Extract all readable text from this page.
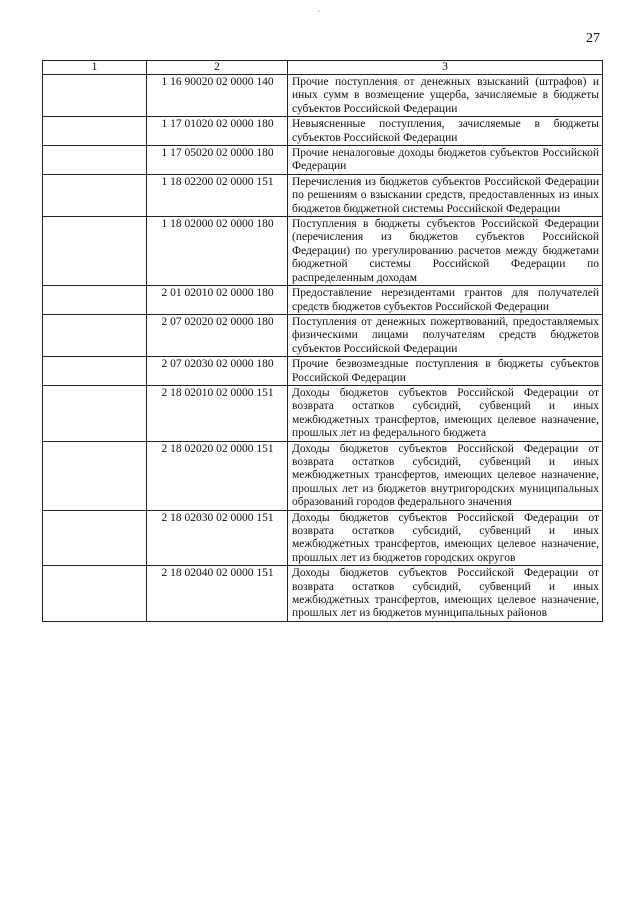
.
27
1	2	3
	1 16 90020 02 0000 140	Прочие поступления от денежных взысканий (штрафов) и иных сумм в возмещение ущерба, зачисляемые в бюджеты субъектов Российской Федерации
	1 17 01020 02 0000 180	Невыясненные поступления, зачисляемые в бюджеты субъектов Российской Федерации
	1 17 05020 02 0000 180	Прочие неналоговые доходы бюджетов субъектов Российской Федерации
	1 18 02200 02 0000 151	Перечисления из бюджетов субъектов Российской Федерации по решениям о взыскании средств, предоставленных из иных бюджетов бюджетной системы Российской Федерации
	1 18 02000 02 0000 180	Поступления в бюджеты субъектов Российской Федерации (перечисления из бюджетов субъектов Российской Федерации) по урегулированию расчетов между бюджетами бюджетной системы Российской Федерации по распределенным доходам
	2 01 02010 02 0000 180	Предоставление нерезидентами грантов для получателей средств бюджетов субъектов Российской Федерации
	2 07 02020 02 0000 180	Поступления от денежных пожертвований, предоставляемых физическими лицами получателям средств бюджетов субъектов Российской Федерации
	2 07 02030 02 0000 180	Прочие безвозмездные поступления в бюджеты субъектов Российской Федерации
	2 18 02010 02 0000 151	Доходы бюджетов субъектов Российской Федерации от возврата остатков субсидий, субвенций и иных межбюджетных трансфертов, имеющих целевое назначение, прошлых лет из федерального бюджета
	2 18 02020 02 0000 151	Доходы бюджетов субъектов Российской Федерации от возврата остатков субсидий, субвенций и иных межбюджетных трансфертов, имеющих целевое назначение, прошлых лет из бюджетов внутригородских муниципальных образований городов федерального значения
	2 18 02030 02 0000 151	Доходы бюджетов субъектов Российской Федерации от возврата остатков субсидий, субвенций и иных межбюджетных трансфертов, имеющих целевое назначение, прошлых лет из бюджетов городских округов
	2 18 02040 02 0000 151	Доходы бюджетов субъектов Российской Федерации от возврата остатков субсидий, субвенций и иных межбюджетных трансфертов, имеющих целевое назначение, прошлых лет из бюджетов муниципальных районов
